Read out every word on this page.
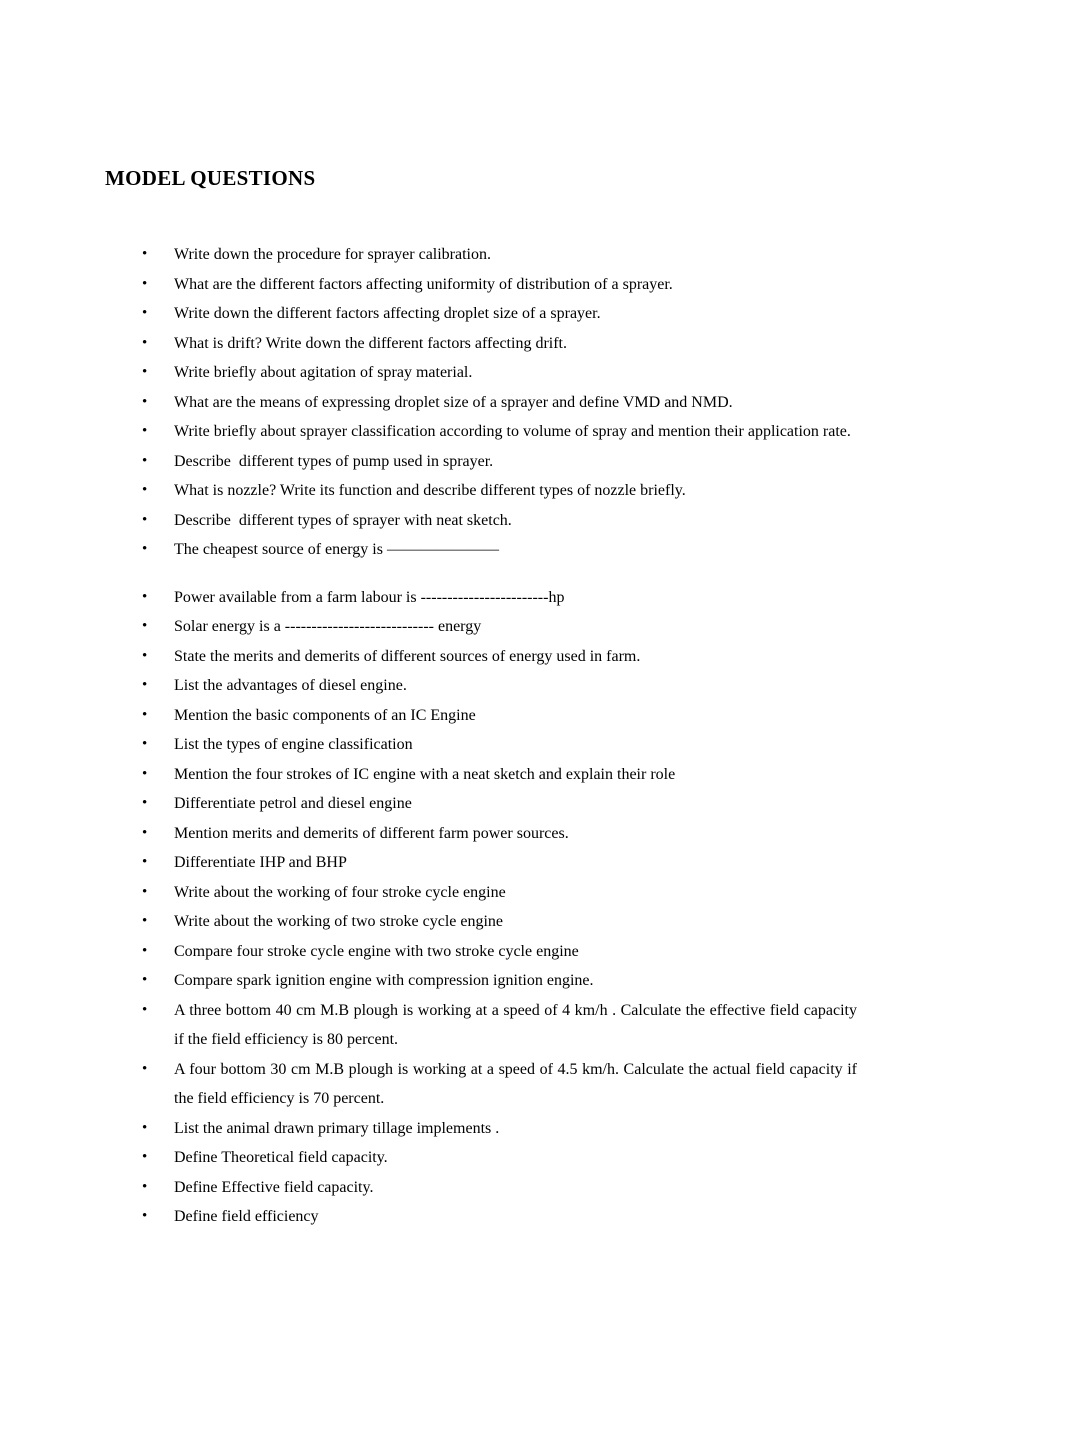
MODEL QUESTIONS
•	Write down the procedure for sprayer calibration.
•	What are the different factors affecting uniformity of distribution of a sprayer.
•	Write down the different factors affecting droplet size of a sprayer.
•	What is drift? Write down the different factors affecting drift.
•	Write briefly about agitation of spray material.
•	What are the means of expressing droplet size of a sprayer and define VMD and NMD.
•	Write briefly about sprayer classification according to volume of spray and mention their application rate.
•	Describe  different types of pump used in sprayer.
•	What is nozzle? Write its function and describe different types of nozzle briefly.
•	Describe  different types of sprayer with neat sketch.
•	The cheapest source of energy is ———————
•	Power available from a farm labour is ------------------------hp
•	Solar energy is a ---------------------------- energy
•	State the merits and demerits of different sources of energy used in farm.
•	List the advantages of diesel engine.
•	Mention the basic components of an IC Engine
•	List the types of engine classification
•	Mention the four strokes of IC engine with a neat sketch and explain their role
•	Differentiate petrol and diesel engine
•	Mention merits and demerits of different farm power sources.
•	Differentiate IHP and BHP
•	Write about the working of four stroke cycle engine
•	Write about the working of two stroke cycle engine
•	Compare four stroke cycle engine with two stroke cycle engine
•	Compare spark ignition engine with compression ignition engine.
•	A three bottom 40 cm M.B plough is working at a speed of 4 km/h . Calculate the effective field capacity if the field efficiency is 80 percent.
•	A four bottom 30 cm M.B plough is working at a speed of 4.5 km/h. Calculate the actual field capacity if the field efficiency is 70 percent.
•	List the animal drawn primary tillage implements .
•	Define Theoretical field capacity.
•	Define Effective field capacity.
•	Define field efficiency
